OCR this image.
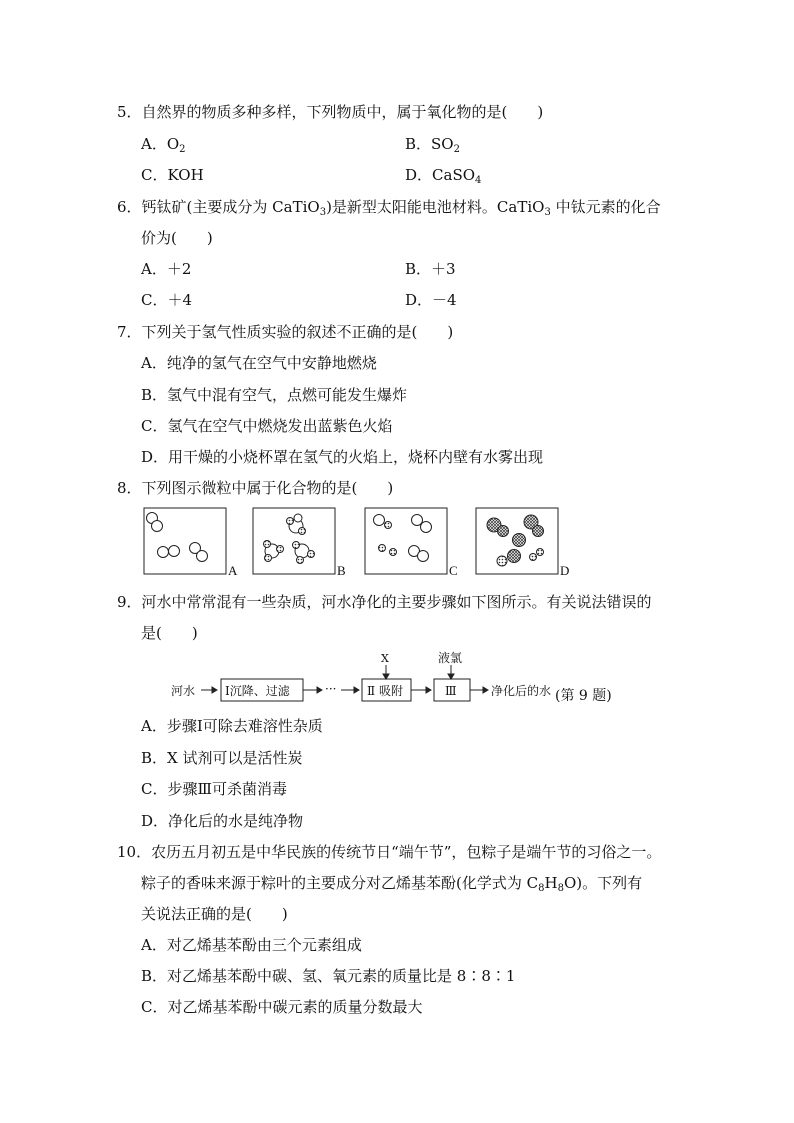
5．自然界的物质多种多样，下列物质中，属于氧化物的是(　　)
A．$O_2$	B．$SO_2$
C．KOH	D．CaSO$_4$
6．钙钛矿(主要成分为 CaTiO$_3$)是新型太阳能电池材料。CaTiO$_3$ 中钛元素的化合
价为(　　)
A．＋2	B．＋3
C．＋4	D．－4
7．下列关于氢气性质实验的叙述不正确的是(　　)
A．纯净的氢气在空气中安静地燃烧
B．氢气中混有空气，点燃可能发生爆炸
C．氢气在空气中燃烧发出蓝紫色火焰
D．用干燥的小烧杯罩在氢气的火焰上，烧杯内壁有水雾出现
8．下列图示微粒中属于化合物的是(　　)
A	B	C	D
9．河水中常常混有一些杂质，河水净化的主要步骤如下图所示。有关说法错误的
是(　　)
河水 Ⅰ沉降、过滤	···
X
Ⅱ 吸附
液氯
Ⅲ	净化后的水 (第 9 题)
A．步骤Ⅰ可除去难溶性杂质
B．X 试剂可以是活性炭
C．步骤Ⅲ可杀菌消毒
D．净化后的水是纯净物
10．农历五月初五是中华民族的传统节日“端午节”，包粽子是端午节的习俗之一。
粽子的香味来源于粽叶的主要成分对乙烯基苯酚(化学式为 $C_8H_8O$)。下列有
关说法正确的是(　　)
A．对乙烯基苯酚由三个元素组成
B．对乙烯基苯酚中碳、氢、氧元素的质量比是 8∶8∶1
C．对乙烯基苯酚中碳元素的质量分数最大
